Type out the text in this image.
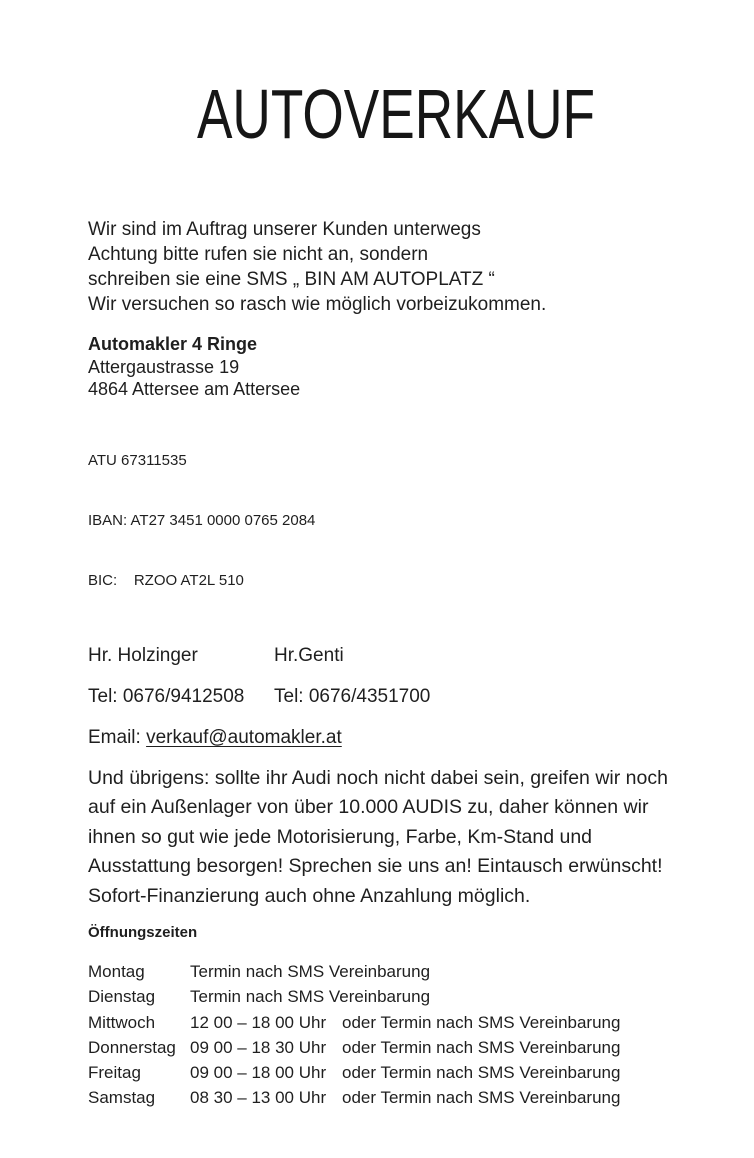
AUTOVERKAUF
Wir sind im Auftrag unserer Kunden unterwegs
Achtung bitte rufen sie nicht an, sondern
schreiben sie eine SMS „ BIN AM AUTOPLATZ “
Wir versuchen so rasch wie möglich vorbeizukommen.
Automakler 4 Ringe
Attergaustrasse 19
4864 Attersee am Attersee

ATU 67311535

IBAN: AT27 3451 0000 0765 2084

BIC:    RZOO AT2L 510

Hr. Holzinger	Hr.Genti
Tel: 0676/9412508	Tel: 0676/4351700
Email: verkauf@automakler.at
Und übrigens: sollte ihr Audi noch nicht dabei sein, greifen wir noch
auf ein Außenlager von über 10.000 AUDIS zu, daher können wir
ihnen so gut wie jede Motorisierung, Farbe, Km-Stand und
Ausstattung besorgen! Sprechen sie uns an! Eintausch erwünscht!
Sofort-Finanzierung auch ohne Anzahlung möglich.
Öffnungszeiten
Montag	Termin nach SMS Vereinbarung
Dienstag	Termin nach SMS Vereinbarung
Mittwoch	12 00 – 18 00 Uhr oder Termin nach SMS Vereinbarung
Donnerstag 09 00 – 18 30 Uhr oder Termin nach SMS Vereinbarung
Freitag	09 00 – 18 00 Uhr oder Termin nach SMS Vereinbarung
Samstag	08 30 – 13 00 Uhr oder Termin nach SMS Vereinbarung
